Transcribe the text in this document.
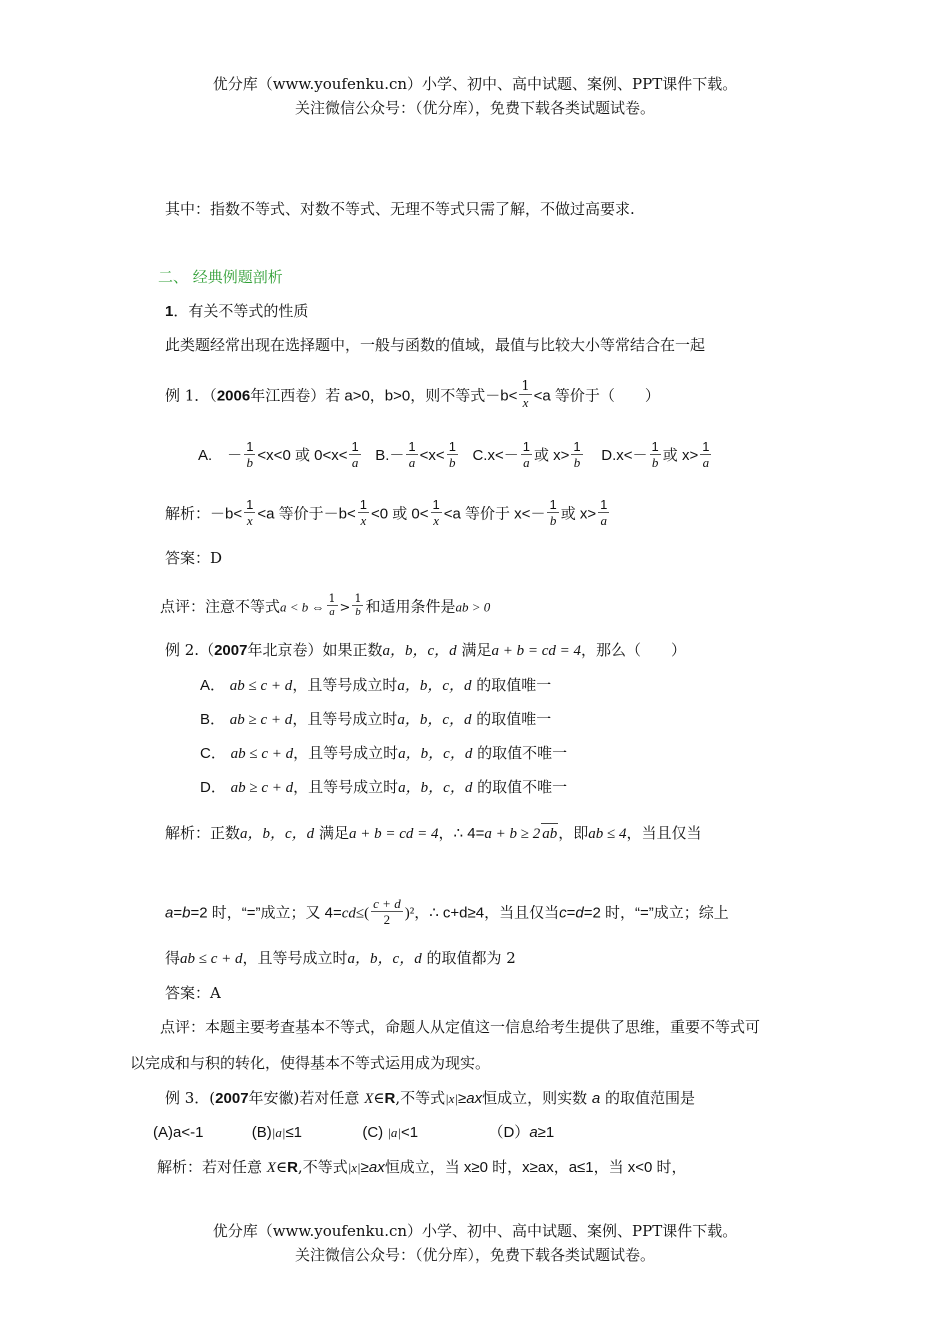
优分库（www.youfenku.cn）小学、初中、高中试题、案例、PPT课件下载。
关注微信公众号：（优分库），免费下载各类试题试卷。
其中：指数不等式、对数不等式、无理不等式只需了解，不做过高要求.
二、 经典例题剖析
1．有关不等式的性质
此类题经常出现在选择题中，一般与函数的值域，最值与比较大小等常结合在一起
例 1．（2006年江西卷）若 a>0，b>0，则不等式$-b< \frac{1}{x} <a$ 等价于（　　）
A.　－ $\frac{1}{b} <x<0$ 或 $0<x< \frac{1}{a} B.- \frac{1}{a} <x< \frac{1}{b} C.x<- \frac{1}{a}$ 或 $x> \frac{1}{b} D.x<- \frac{1}{b}$ 或 $x> \frac{1}{a}$
解析：$-b< \frac{1}{x} <a$ 等价于$-b< \frac{1}{x} <0$ 或 $0< \frac{1}{x} <a$ 等价于 $x<- \frac{1}{b}$ 或 $x> \frac{1}{a}$
答案：D
点评：注意不等式a < b ⇔ $\frac{1}{a} > \frac{1}{b}$ 和适用条件是ab > 0
例 2.（2007年北京卷）如果正数a，b，c，d 满足a + b = cd = 4，那么（　　）
A． ab ≤ c + d，且等号成立时a，b，c，d 的取值唯一
B． ab ≥ c + d，且等号成立时a，b，c，d 的取值唯一
C． ab ≤ c + d，且等号成立时a，b，c，d 的取值不唯一
D． ab ≥ c + d，且等号成立时a，b，c，d 的取值不唯一
解析：正数a，b，c，d 满足a + b = cd = 4，∴ 4=a + b ≥ 2 ab，即ab ≤ 4，当且仅当
a=b=2 时，“=”成立；又 $4=cd\le( \frac{c + d}{2} )^2$，∴ c+d≥4，当且仅当c=d=2 时，“=”成立；综上
得ab ≤ c + d，且等号成立时a，b，c，d 的取值都为 2
答案：A
点评：本题主要考查基本不等式，命题人从定值这一信息给考生提供了思维，重要不等式可
以完成和与积的转化，使得基本不等式运用成为现实。
例 3．(2007年安徽)若对任意 X∈R,不等式|x|≥ax恒成立，则实数 a 的取值范围是
(A)a<-1	(B)|a|≤1	(C) |a|<1	（D）a≥1
解析：若对任意 X∈R,不等式|x|≥ax恒成立，当 x≥0 时，x≥ax，a≤1，当 x<0 时，
优分库（www.youfenku.cn）小学、初中、高中试题、案例、PPT课件下载。
关注微信公众号：（优分库），免费下载各类试题试卷。
